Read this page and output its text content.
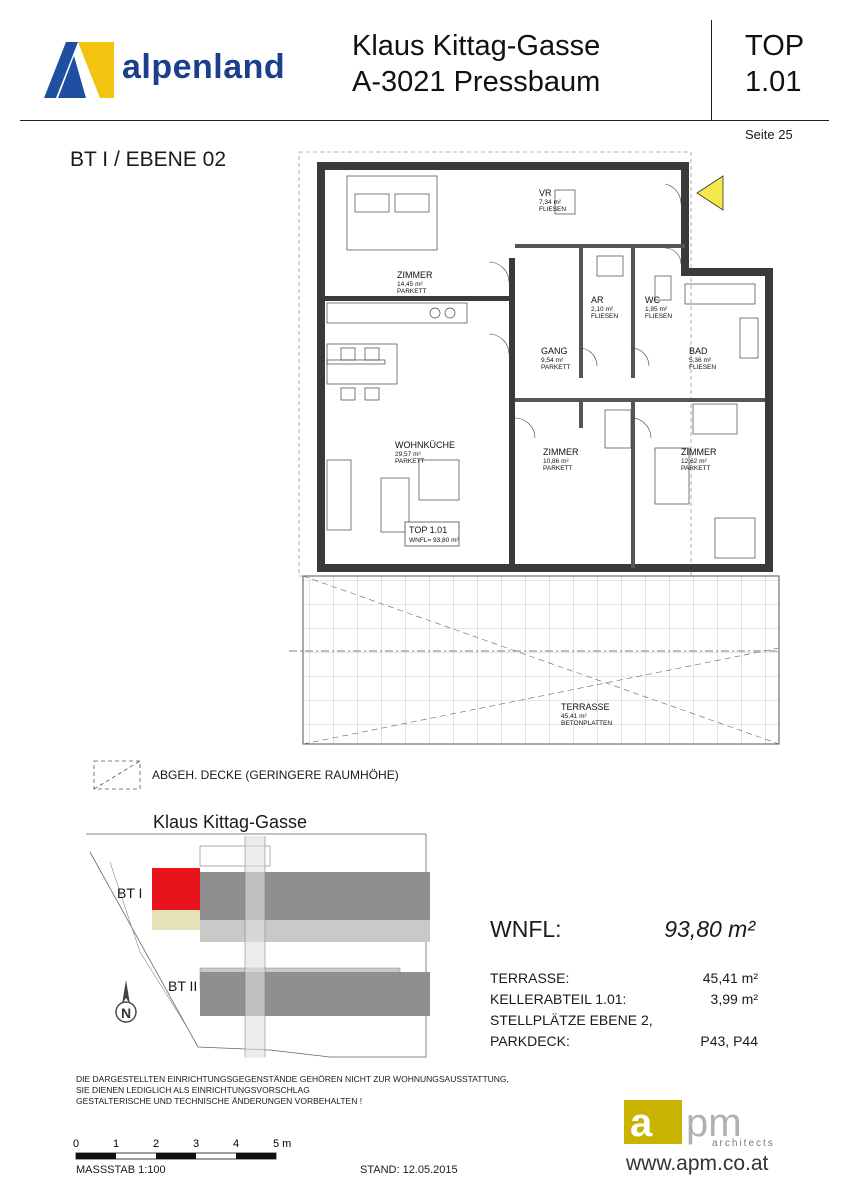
alpenland
Klaus Kittag-Gasse
A-3021 Pressbaum
TOP
1.01
Seite 25
BT I / EBENE 02
ZIMMER
14,45 m²
PARKETT
VR
7,34 m²
FLIESEN
AR
2,10 m²
FLIESEN
WC
1,95 m²
FLIESEN
BAD
5,36 m²
FLIESEN
GANG
9,54 m²
PARKETT
WOHNKÜCHE
29,57 m²
PARKETT
ZIMMER
10,86 m²
PARKETT
ZIMMER
12,62 m²
PARKETT
TERRASSE
45,41 m²
BETONPLATTEN
TOP 1.01
WNFL= 93,80 m²
ABGEH. DECKE (GERINGERE RAUMHÖHE)
Klaus Kittag-Gasse
N
BT I
BT II
WNFL:	93,80 m²
TERRASSE:	45,41 m²
KELLERABTEIL 1.01:	3,99 m²
STELLPLÄTZE EBENE 2,
PARKDECK:	P43, P44
DIE DARGESTELLTEN EINRICHTUNGSGEGENSTÄNDE GEHÖREN NICHT ZUR WOHNUNGSAUSSTATTUNG,
SIE DIENEN LEDIGLICH ALS EINRICHTUNGSVORSCHLAG
GESTALTERISCHE UND TECHNISCHE ÄNDERUNGEN VORBEHALTEN !
0	1	2	3	4	5 m
MASSSTAB 1:100	STAND: 12.05.2015
a pm
architects
www.apm.co.at
